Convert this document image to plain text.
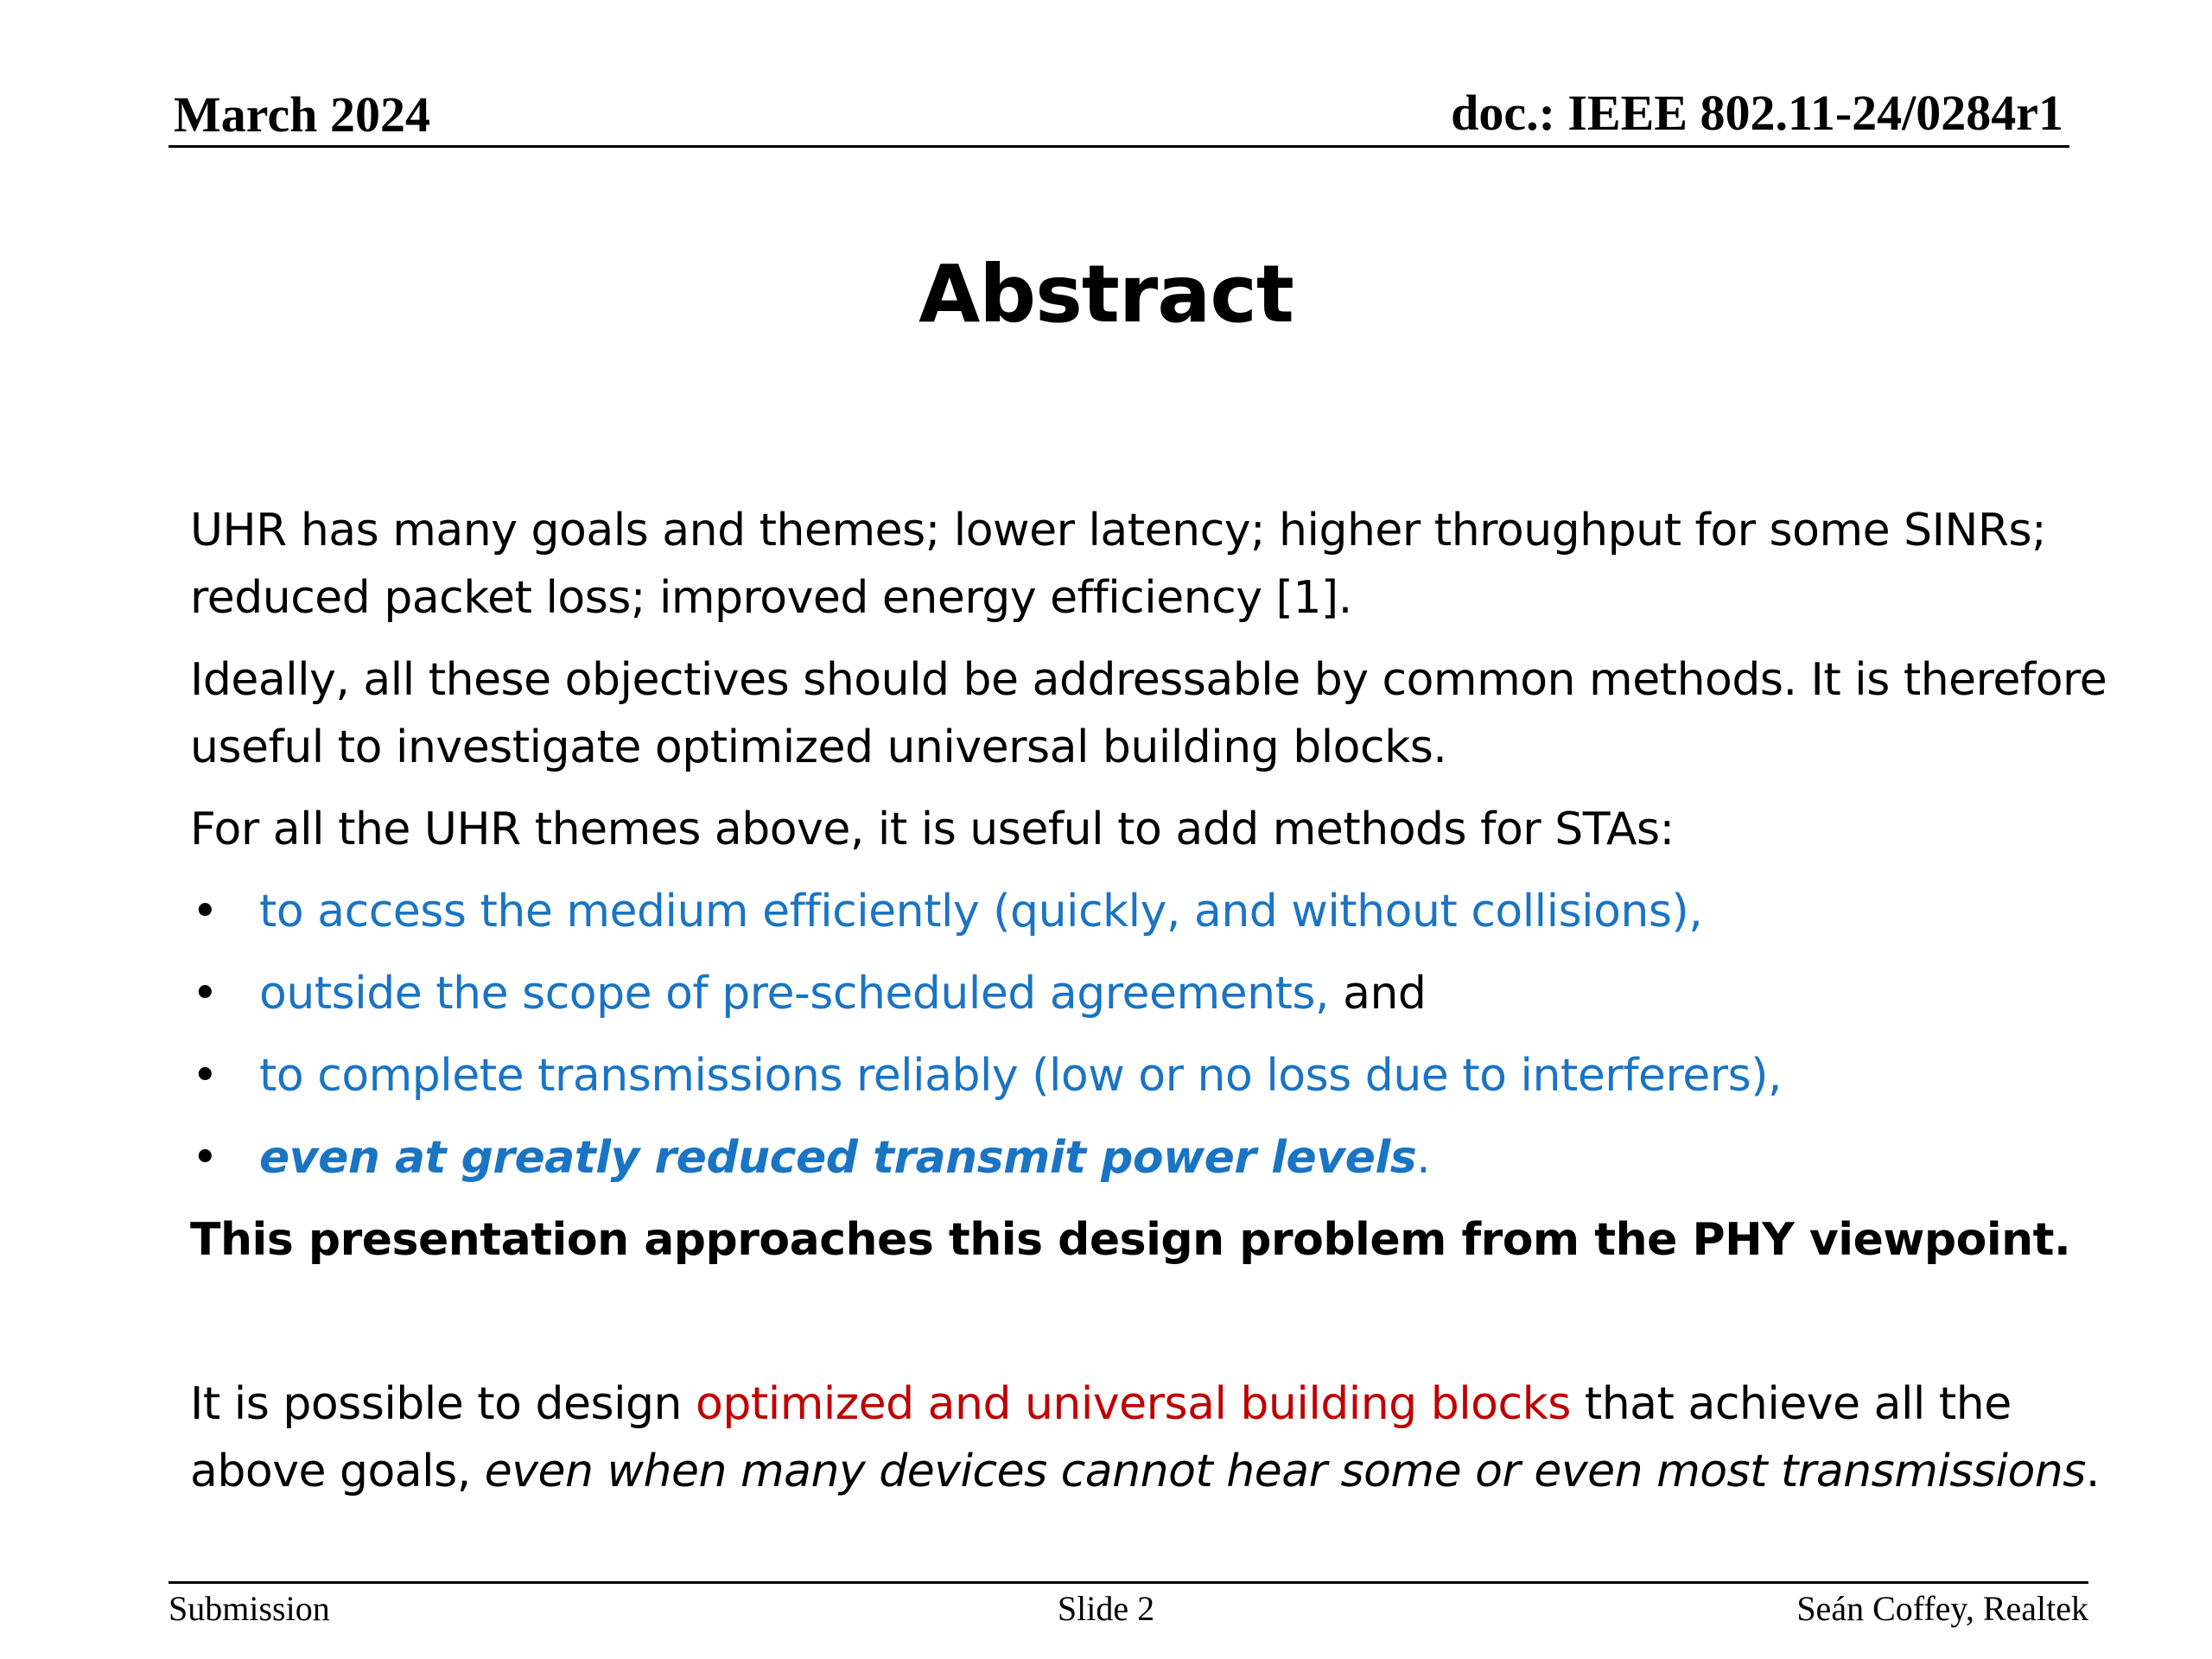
March 2024	doc.: IEEE 802.11-24/0284r1
Abstract

UHR has many goals and themes; lower latency; higher throughput for some SINRs; reduced packet loss; improved energy efficiency [1].

Ideally, all these objectives should be addressable by common methods. It is therefore useful to investigate optimized universal building blocks.

For all the UHR themes above, it is useful to add methods for STAs:

• to access the medium efficiently (quickly, and without collisions),
• outside the scope of pre-scheduled agreements, and
• to complete transmissions reliably (low or no loss due to interferers),
• even at greatly reduced transmit power levels.

This presentation approaches this design problem from the PHY viewpoint.

It is possible to design optimized and universal building blocks that achieve all the above goals, even when many devices cannot hear some or even most transmissions.

Submission	Slide 2	Seán Coffey, Realtek
